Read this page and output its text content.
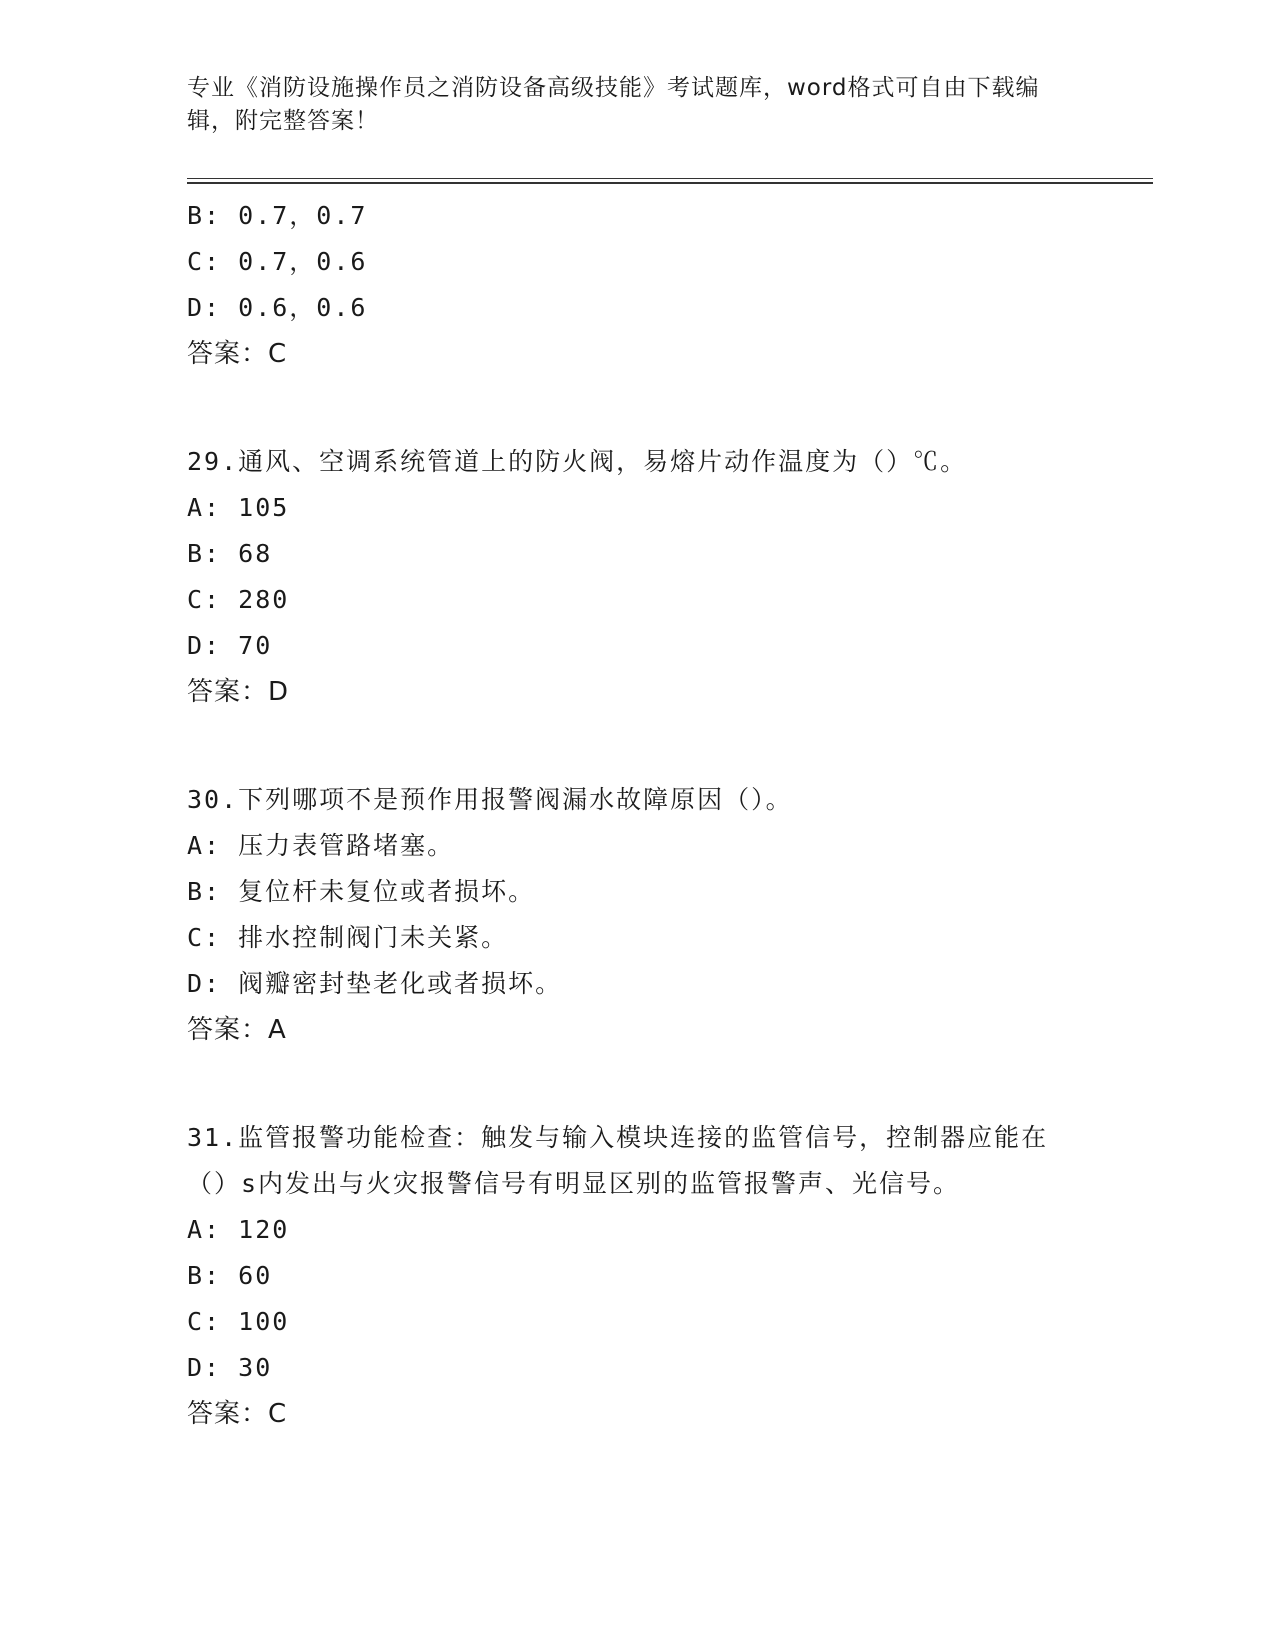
专业《消防设施操作员之消防设备高级技能》考试题库，word格式可自由下载编辑，附完整答案！
B: 0.7，0.7
C: 0.7，0.6
D: 0.6，0.6
答案：C
29.通风、空调系统管道上的防火阀，易熔片动作温度为（）℃。
A: 105
B: 68
C: 280
D: 70
答案：D
30.下列哪项不是预作用报警阀漏水故障原因（）。
A: 压力表管路堵塞。
B: 复位杆未复位或者损坏。
C: 排水控制阀门未关紧。
D: 阀瓣密封垫老化或者损坏。
答案：A
31.监管报警功能检查：触发与输入模块连接的监管信号，控制器应能在（）s内发出与火灾报警信号有明显区别的监管报警声、光信号。
A: 120
B: 60
C: 100
D: 30
答案：C
